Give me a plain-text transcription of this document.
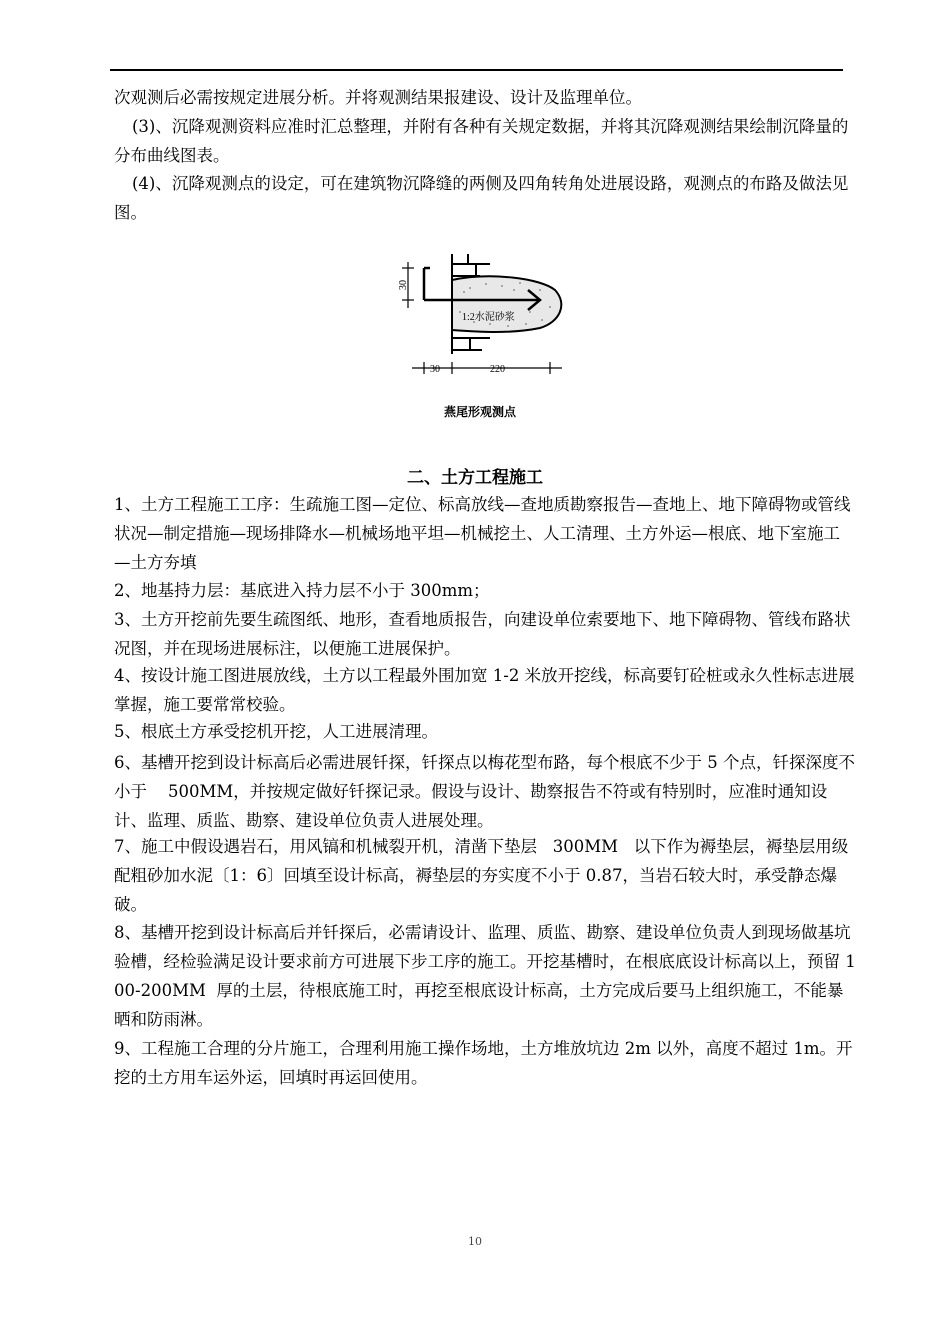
次观测后必需按规定进展分析。并将观测结果报建设、设计及监理单位。

(3)、沉降观测资料应准时汇总整理，并附有各种有关规定数据，并将其沉降观测结果绘制沉降量的分布曲线图表。

(4)、沉降观测点的设定，可在建筑物沉降缝的两侧及四角转角处进展设路，观测点的布路及做法见图。

1:2水泥砂浆
30
30	220
燕尾形观测点
二、土方工程施工

1、土方工程施工工序：生疏施工图—定位、标高放线—查地质勘察报告—查地上、地下障碍物或管线状况—制定措施—现场排降水—机械场地平坦—机械挖土、人工清理、土方外运—根底、地下室施工—土方夯填

2、地基持力层：基底进入持力层不小于 300mm；

3、土方开挖前先要生疏图纸、地形，查看地质报告，向建设单位索要地下、地下障碍物、管线布路状况图，并在现场进展标注，以便施工进展保护。

4、按设计施工图进展放线，土方以工程最外围加宽 1-2 米放开挖线，标高要钉砼桩或永久性标志进展掌握，施工要常常校验。

5、根底土方承受挖机开挖，人工进展清理。

6、基槽开挖到设计标高后必需进展钎探，钎探点以梅花型布路，每个根底不少于 5 个点，钎探深度不小于    500MM，并按规定做好钎探记录。假设与设计、勘察报告不符或有特别时，应准时通知设计、监理、质监、勘察、建设单位负责人进展处理。

7、施工中假设遇岩石，用风镐和机械裂开机，清凿下垫层   300MM   以下作为褥垫层，褥垫层用级配粗砂加水泥〔1：6〕回填至设计标高，褥垫层的夯实度不小于 0.87，当岩石较大时，承受静态爆破。

8、基槽开挖到设计标高后并钎探后，必需请设计、监理、质监、勘察、建设单位负责人到现场做基坑验槽，经检验满足设计要求前方可进展下步工序的施工。开挖基槽时，在根底底设计标高以上，预留 100-200MM  厚的土层，待根底施工时，再挖至根底设计标高，土方完成后要马上组织施工，不能暴晒和防雨淋。

9、工程施工合理的分片施工，合理利用施工操作场地，土方堆放坑边 2m 以外，高度不超过 1m。开挖的土方用车运外运，回填时再运回使用。

10
